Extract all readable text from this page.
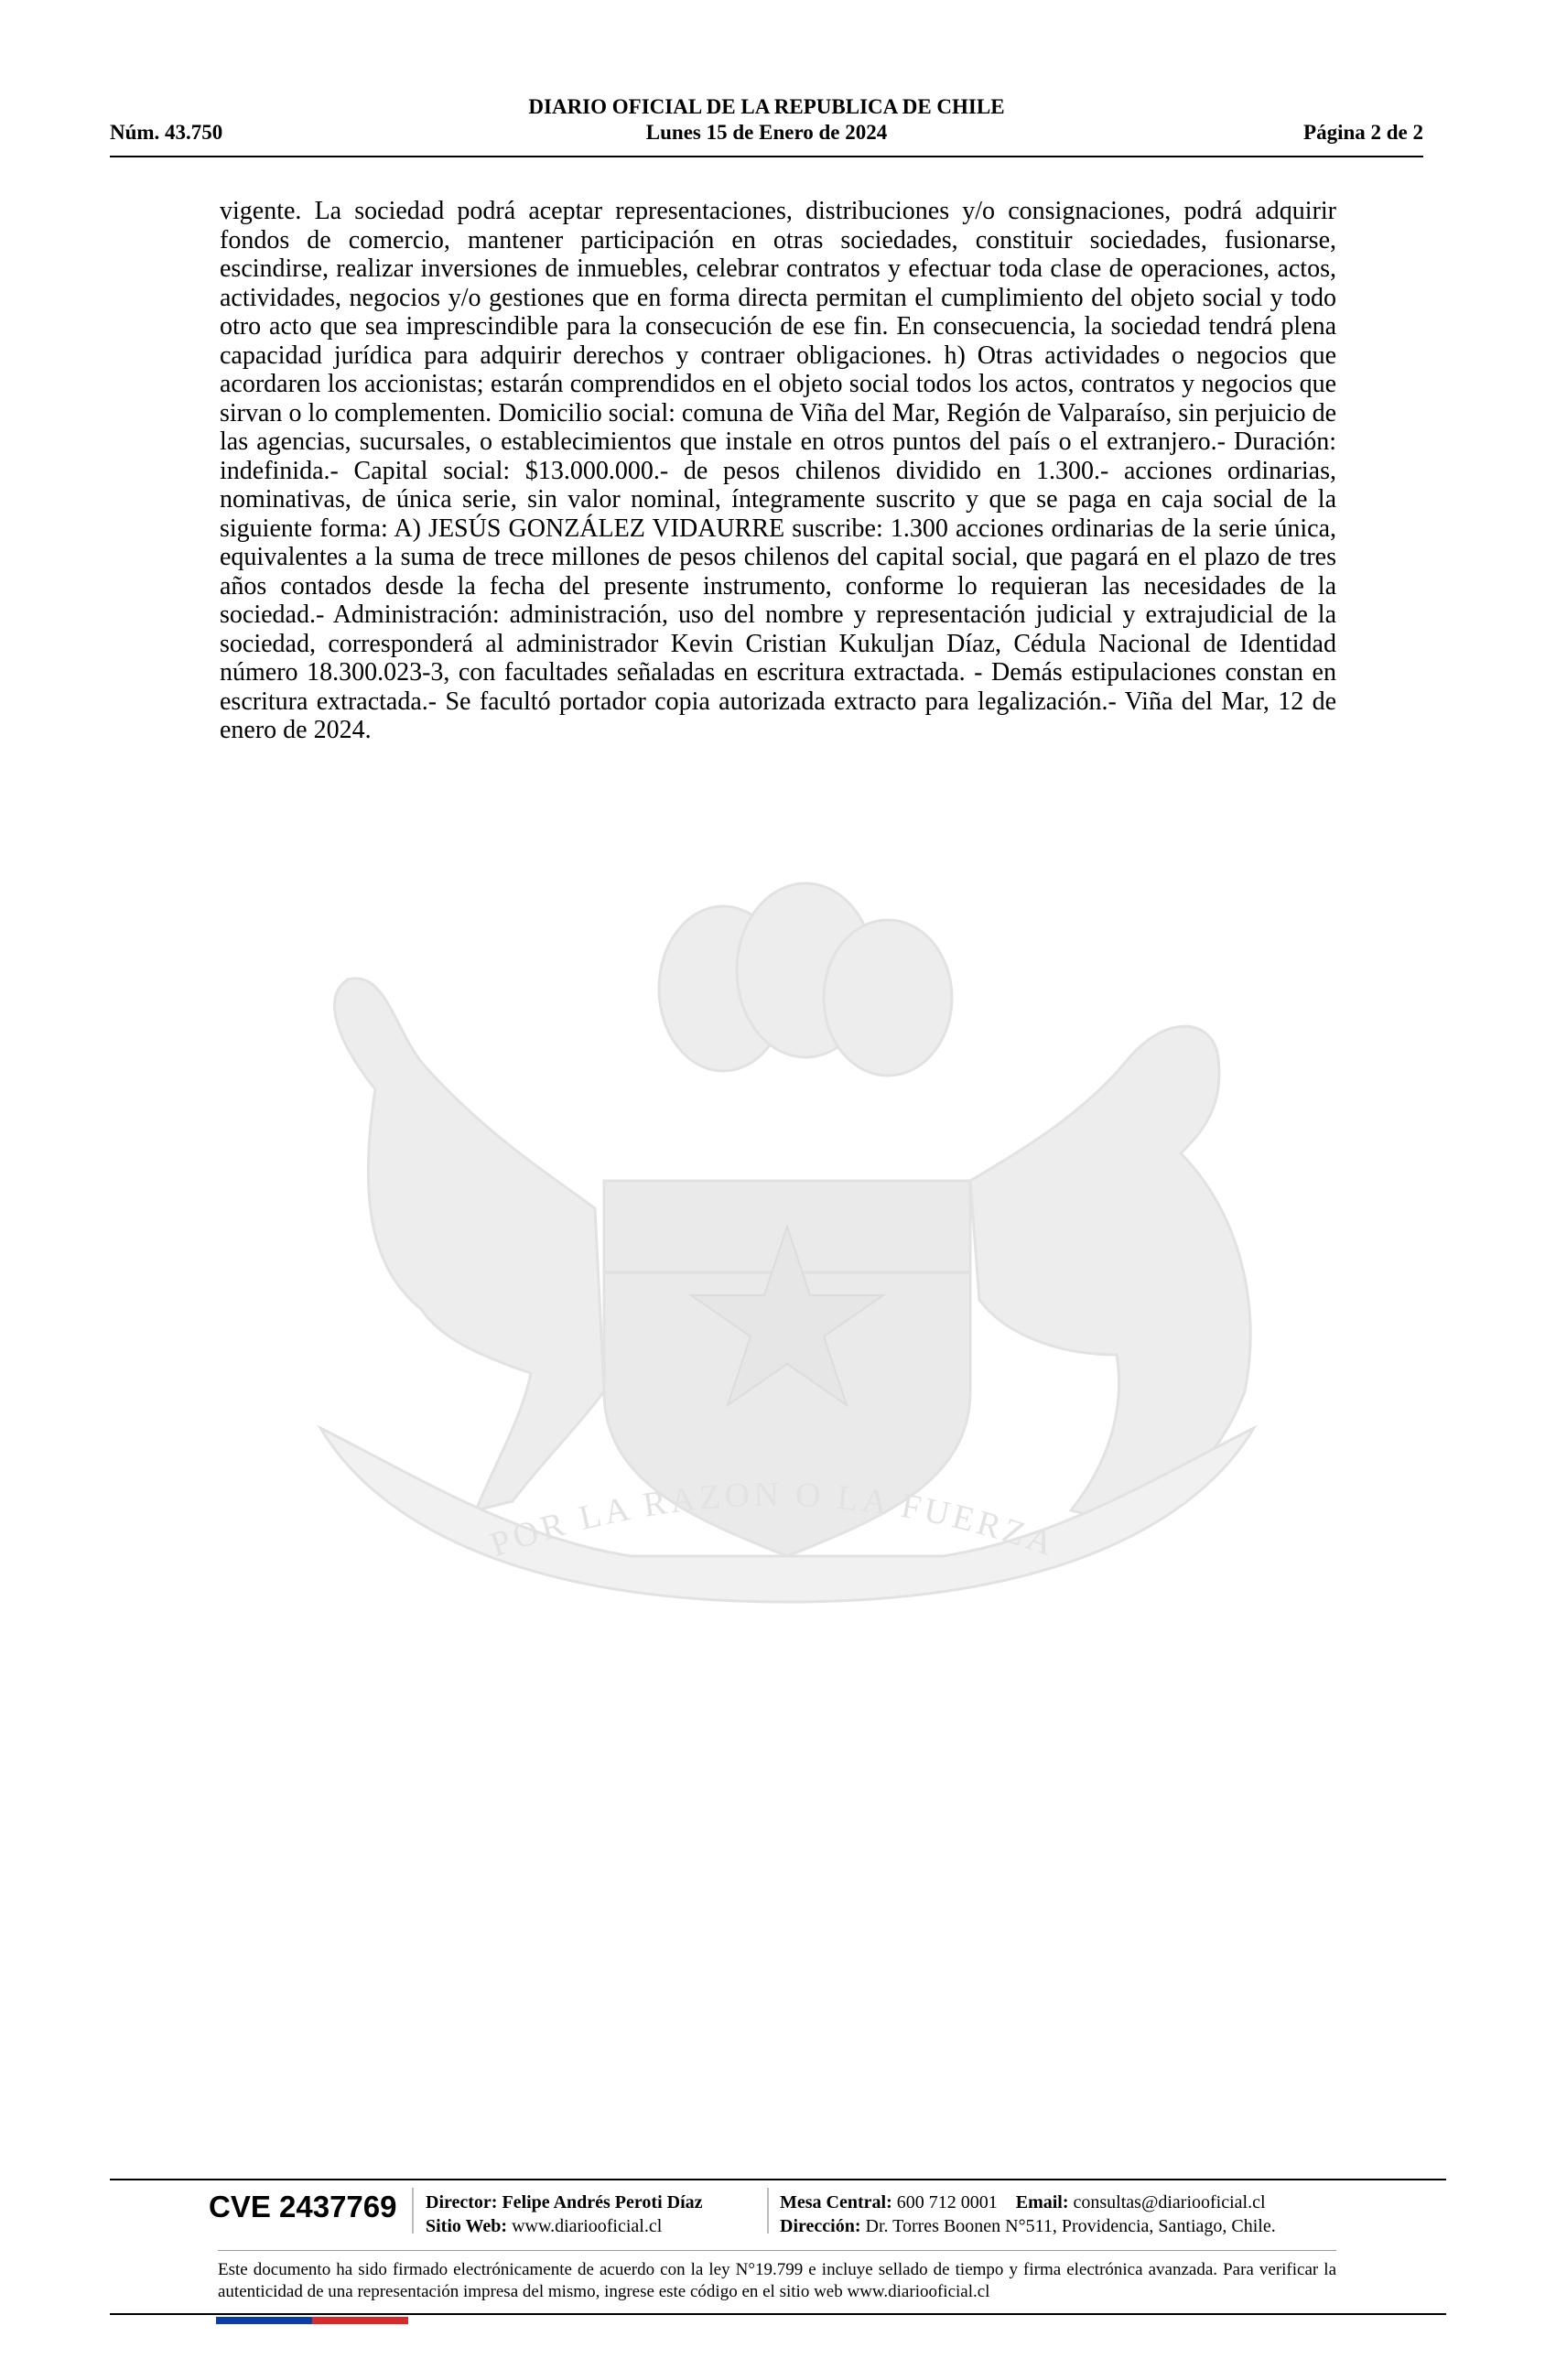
DIARIO OFICIAL DE LA REPUBLICA DE CHILE
Núm. 43.750	Lunes 15 de Enero de 2024	Página 2 de 2
POR LA RAZON O LA FUERZA

vigente. La sociedad podrá aceptar representaciones, distribuciones y/o consignaciones, podrá adquirir fondos de comercio, mantener participación en otras sociedades, constituir sociedades, fusionarse, escindirse, realizar inversiones de inmuebles, celebrar contratos y efectuar toda clase de operaciones, actos, actividades, negocios y/o gestiones que en forma directa permitan el cumplimiento del objeto social y todo otro acto que sea imprescindible para la consecución de ese fin. En consecuencia, la sociedad tendrá plena capacidad jurídica para adquirir derechos y contraer obligaciones. h) Otras actividades o negocios que acordaren los accionistas; estarán comprendidos en el objeto social todos los actos, contratos y negocios que sirvan o lo complementen. Domicilio social: comuna de Viña del Mar, Región de Valparaíso, sin perjuicio de las agencias, sucursales, o establecimientos que instale en otros puntos del país o el extranjero.- Duración: indefinida.- Capital social: $13.000.000.- de pesos chilenos dividido en 1.300.- acciones ordinarias, nominativas, de única serie, sin valor nominal, íntegramente suscrito y que se paga en caja social de la siguiente forma: A) JESÚS GONZÁLEZ VIDAURRE suscribe: 1.300 acciones ordinarias de la serie única, equivalentes a la suma de trece millones de pesos chilenos del capital social, que pagará en el plazo de tres años contados desde la fecha del presente instrumento, conforme lo requieran las necesidades de la sociedad.- Administración: administración, uso del nombre y representación judicial y extrajudicial de la sociedad, corresponderá al administrador Kevin Cristian Kukuljan Díaz, Cédula Nacional de Identidad número 18.300.023-3, con facultades señaladas en escritura extractada. - Demás estipulaciones constan en escritura extractada.- Se facultó portador copia autorizada extracto para legalización.- Viña del Mar, 12 de enero de 2024.

CVE 2437769 Director: Felipe Andrés Peroti Díaz
Sitio Web: www.diariooficial.cl
Mesa Central: 600 712 0001 Email: consultas@diariooficial.cl
Dirección: Dr. Torres Boonen N°511, Providencia, Santiago, Chile.

Este documento ha sido firmado electrónicamente de acuerdo con la ley N°19.799 e incluye sellado de tiempo y firma electrónica avanzada. Para verificar la autenticidad de una representación impresa del mismo, ingrese este código en el sitio web www.diariooficial.cl
